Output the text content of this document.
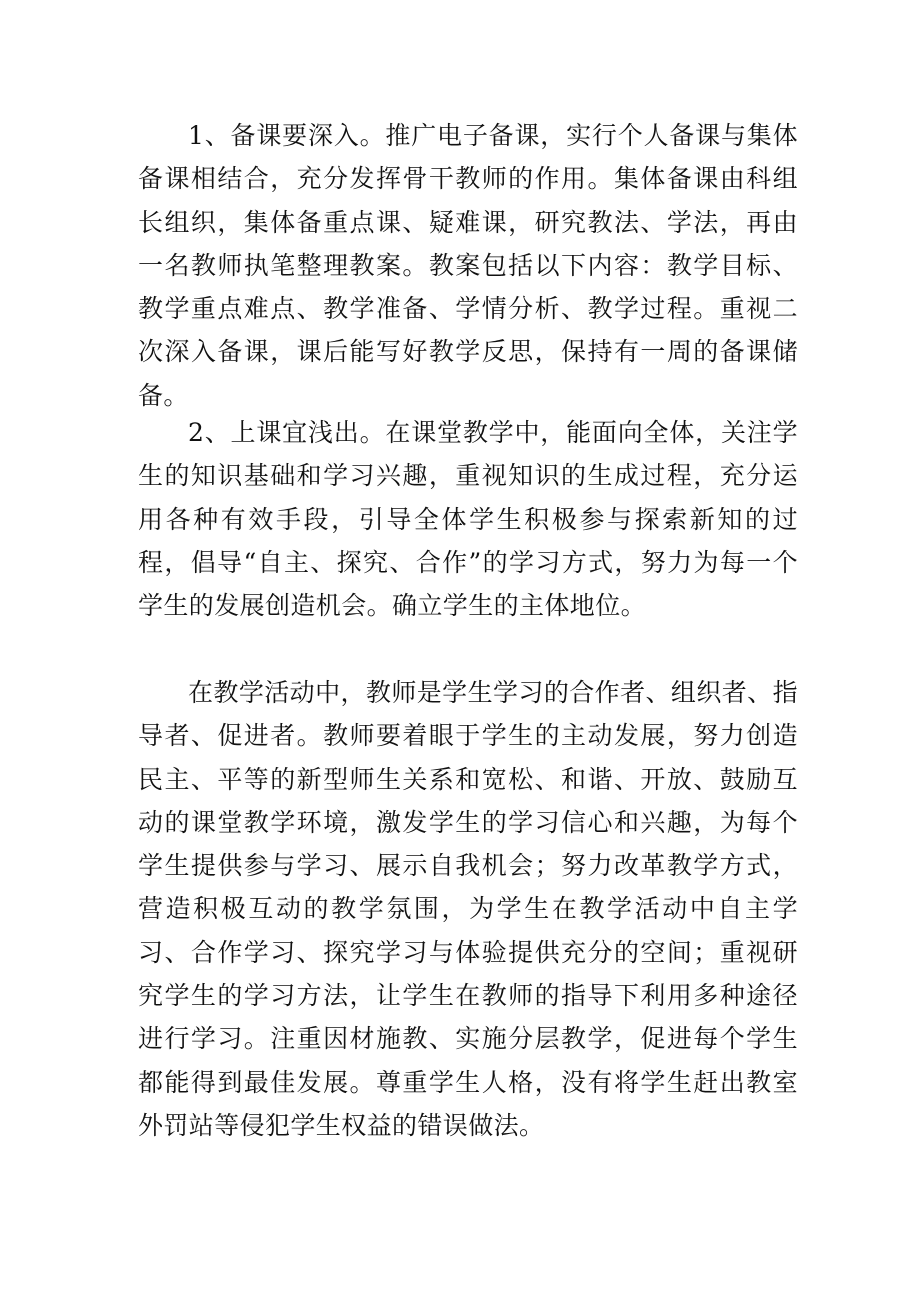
1、备课要深入。推广电子备课，实行个人备课与集体备课相结合，充分发挥骨干教师的作用。集体备课由科组长组织，集体备重点课、疑难课，研究教法、学法，再由一名教师执笔整理教案。教案包括以下内容：教学目标、教学重点难点、教学准备、学情分析、教学过程。重视二次深入备课，课后能写好教学反思，保持有一周的备课储备。

2、上课宜浅出。在课堂教学中，能面向全体，关注学生的知识基础和学习兴趣，重视知识的生成过程，充分运用各种有效手段，引导全体学生积极参与探索新知的过程，倡导“自主、探究、合作”的学习方式，努力为每一个学生的发展创造机会。确立学生的主体地位。

在教学活动中，教师是学生学习的合作者、组织者、指导者、促进者。教师要着眼于学生的主动发展，努力创造民主、平等的新型师生关系和宽松、和谐、开放、鼓励互动的课堂教学环境，激发学生的学习信心和兴趣，为每个学生提供参与学习、展示自我机会；努力改革教学方式，营造积极互动的教学氛围，为学生在教学活动中自主学习、合作学习、探究学习与体验提供充分的空间；重视研究学生的学习方法，让学生在教师的指导下利用多种途径进行学习。注重因材施教、实施分层教学，促进每个学生都能得到最佳发展。尊重学生人格，没有将学生赶出教室外罚站等侵犯学生权益的错误做法。
